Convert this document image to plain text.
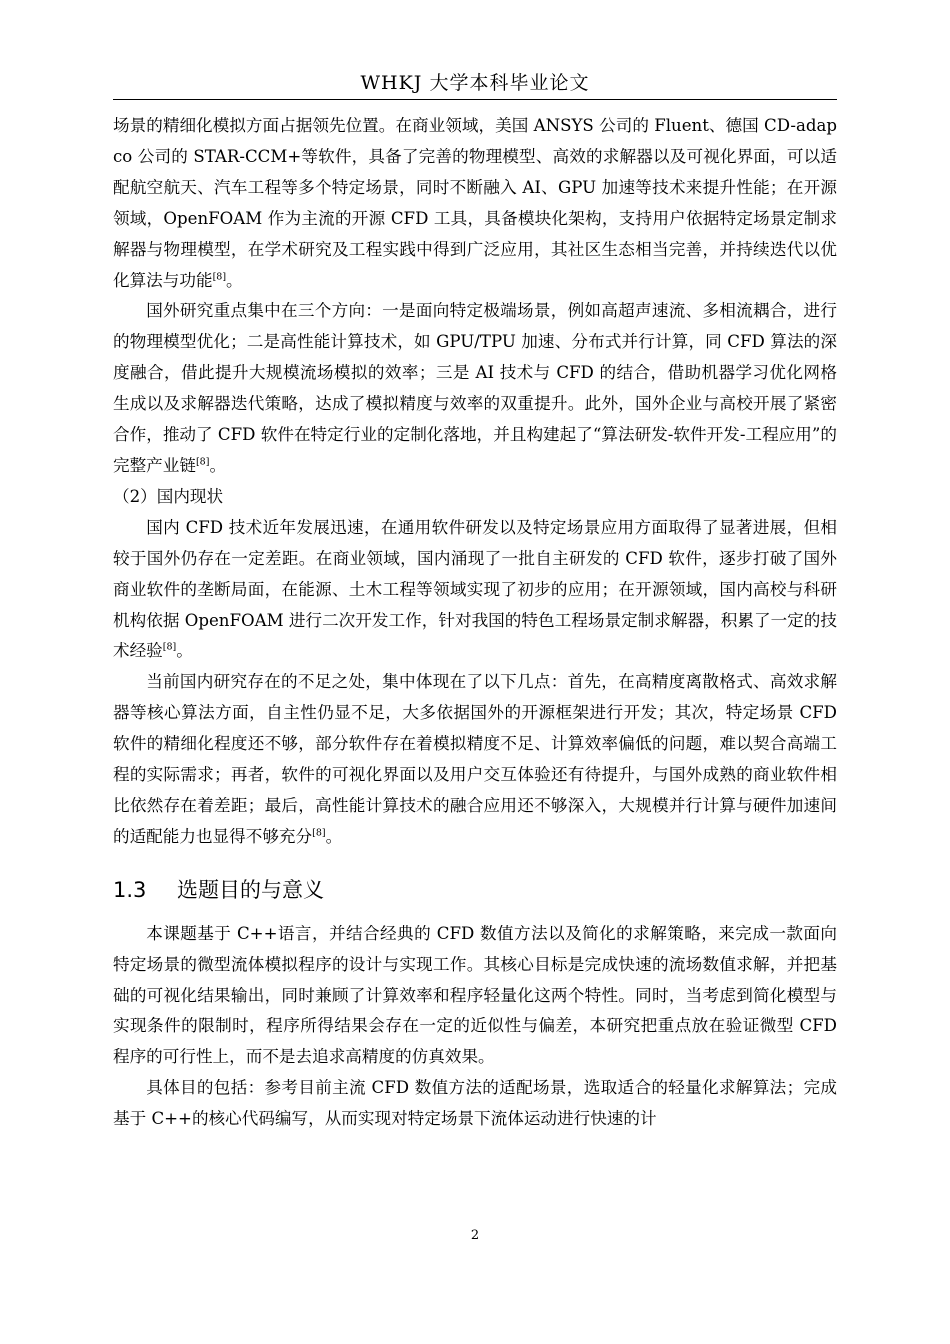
WHKJ 大学本科毕业论文

场景的精细化模拟方面占据领先位置。在商业领域，美国 ANSYS 公司的 Fluent、德国 CD-adapco 公司的 STAR-CCM+等软件，具备了完善的物理模型、高效的求解器以及可视化界面，可以适配航空航天、汽车工程等多个特定场景，同时不断融入 AI、GPU 加速等技术来提升性能；在开源领域，OpenFOAM 作为主流的开源 CFD 工具，具备模块化架构，支持用户依据特定场景定制求解器与物理模型，在学术研究及工程实践中得到广泛应用，其社区生态相当完善，并持续迭代以优化算法与功能[8]。

国外研究重点集中在三个方向：一是面向特定极端场景，例如高超声速流、多相流耦合，进行的物理模型优化；二是高性能计算技术，如 GPU/TPU 加速、分布式并行计算，同 CFD 算法的深度融合，借此提升大规模流场模拟的效率；三是 AI 技术与 CFD 的结合，借助机器学习优化网格生成以及求解器迭代策略，达成了模拟精度与效率的双重提升。此外，国外企业与高校开展了紧密合作，推动了 CFD 软件在特定行业的定制化落地，并且构建起了“算法研发-软件开发-工程应用”的完整产业链[8]。

（2）国内现状

国内 CFD 技术近年发展迅速，在通用软件研发以及特定场景应用方面取得了显著进展，但相较于国外仍存在一定差距。在商业领域，国内涌现了一批自主研发的 CFD 软件，逐步打破了国外商业软件的垄断局面，在能源、土木工程等领域实现了初步的应用；在开源领域，国内高校与科研机构依据 OpenFOAM 进行二次开发工作，针对我国的特色工程场景定制求解器，积累了一定的技术经验[8]。

当前国内研究存在的不足之处，集中体现在了以下几点：首先，在高精度离散格式、高效求解器等核心算法方面，自主性仍显不足，大多依据国外的开源框架进行开发；其次，特定场景 CFD 软件的精细化程度还不够，部分软件存在着模拟精度不足、计算效率偏低的问题，难以契合高端工程的实际需求；再者，软件的可视化界面以及用户交互体验还有待提升，与国外成熟的商业软件相比依然存在着差距；最后，高性能计算技术的融合应用还不够深入，大规模并行计算与硬件加速间的适配能力也显得不够充分[8]。

1.3 选题目的与意义

本课题基于 C++语言，并结合经典的 CFD 数值方法以及简化的求解策略，来完成一款面向特定场景的微型流体模拟程序的设计与实现工作。其核心目标是完成快速的流场数值求解，并把基础的可视化结果输出，同时兼顾了计算效率和程序轻量化这两个特性。同时，当考虑到简化模型与实现条件的限制时，程序所得结果会存在一定的近似性与偏差，本研究把重点放在验证微型 CFD 程序的可行性上，而不是去追求高精度的仿真效果。

具体目的包括：参考目前主流 CFD 数值方法的适配场景，选取适合的轻量化求解算法；完成基于 C++的核心代码编写，从而实现对特定场景下流体运动进行快速的计

2
